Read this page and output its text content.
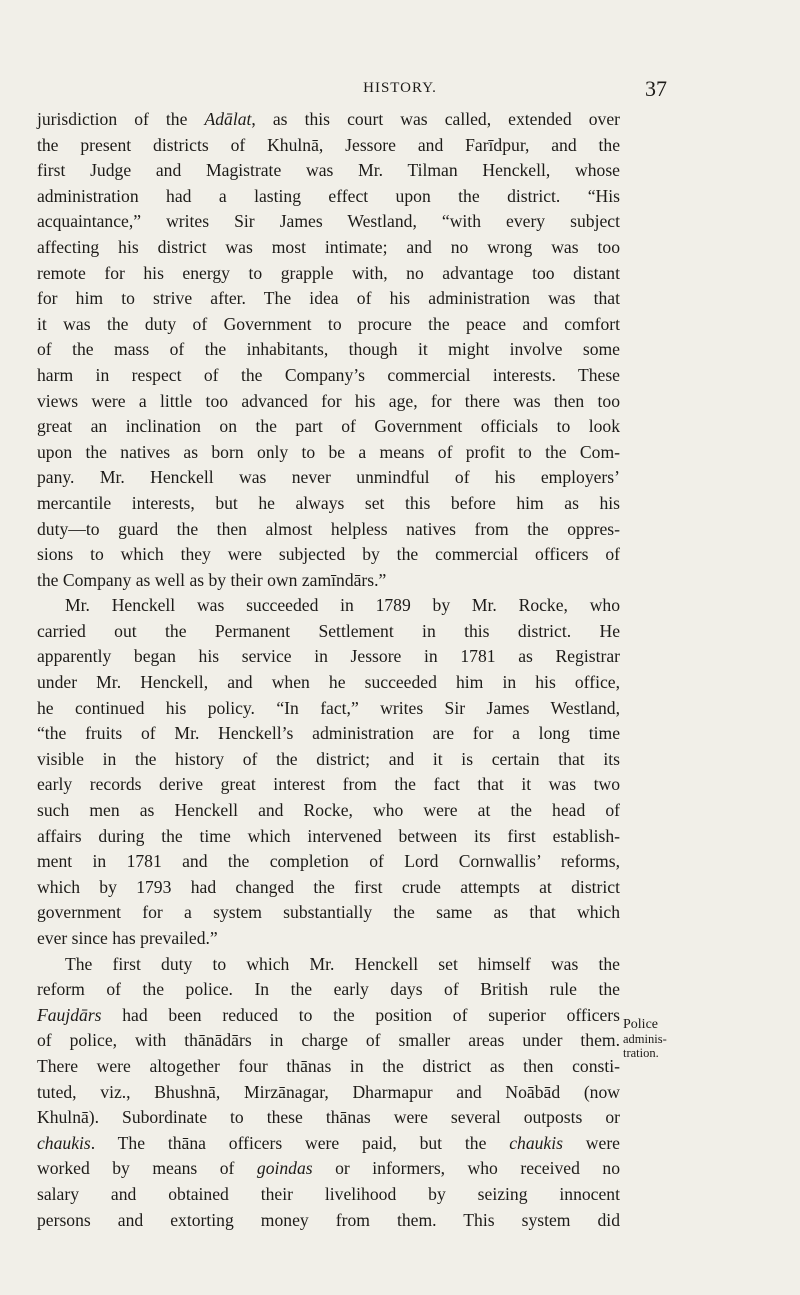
HISTORY.	37
jurisdiction of the Adālat, as this court was called, extended over
the present districts of Khulnā, Jessore and Farīdpur, and the
first Judge and Magistrate was Mr. Tilman Henckell, whose
administration had a lasting effect upon the district. “His
acquaintance,” writes Sir James Westland, “with every subject
affecting his district was most intimate; and no wrong was too
remote for his energy to grapple with, no advantage too distant
for him to strive after. The idea of his administration was that
it was the duty of Government to procure the peace and comfort
of the mass of the inhabitants, though it might involve some
harm in respect of the Company’s commercial interests. These
views were a little too advanced for his age, for there was then too
great an inclination on the part of Government officials to look
upon the natives as born only to be a means of profit to the Com-
pany. Mr. Henckell was never unmindful of his employers’
mercantile interests, but he always set this before him as his
duty—to guard the then almost helpless natives from the oppres-
sions to which they were subjected by the commercial officers of
the Company as well as by their own zamīndārs.”
Mr. Henckell was succeeded in 1789 by Mr. Rocke, who
carried out the Permanent Settlement in this district. He
apparently began his service in Jessore in 1781 as Registrar
under Mr. Henckell, and when he succeeded him in his office,
he continued his policy. “In fact,” writes Sir James Westland,
“the fruits of Mr. Henckell’s administration are for a long time
visible in the history of the district; and it is certain that its
early records derive great interest from the fact that it was two
such men as Henckell and Rocke, who were at the head of
affairs during the time which intervened between its first establish-
ment in 1781 and the completion of Lord Cornwallis’ reforms,
which by 1793 had changed the first crude attempts at district
government for a system substantially the same as that which
ever since has prevailed.”
The first duty to which Mr. Henckell set himself was the
reform of the police. In the early days of British rule the
Faujdārs had been reduced to the position of superior officers
of police, with thānādārs in charge of smaller areas under them.
There were altogether four thānas in the district as then consti-
tuted, viz., Bhushnā, Mirzānagar, Dharmapur and Noābād (now
Khulnā). Subordinate to these thānas were several outposts or
chaukis. The thāna officers were paid, but the chaukis were
worked by means of goindas or informers, who received no
salary and obtained their livelihood by seizing innocent
persons and extorting money from them. This system did
Police
adminis-
tration.
